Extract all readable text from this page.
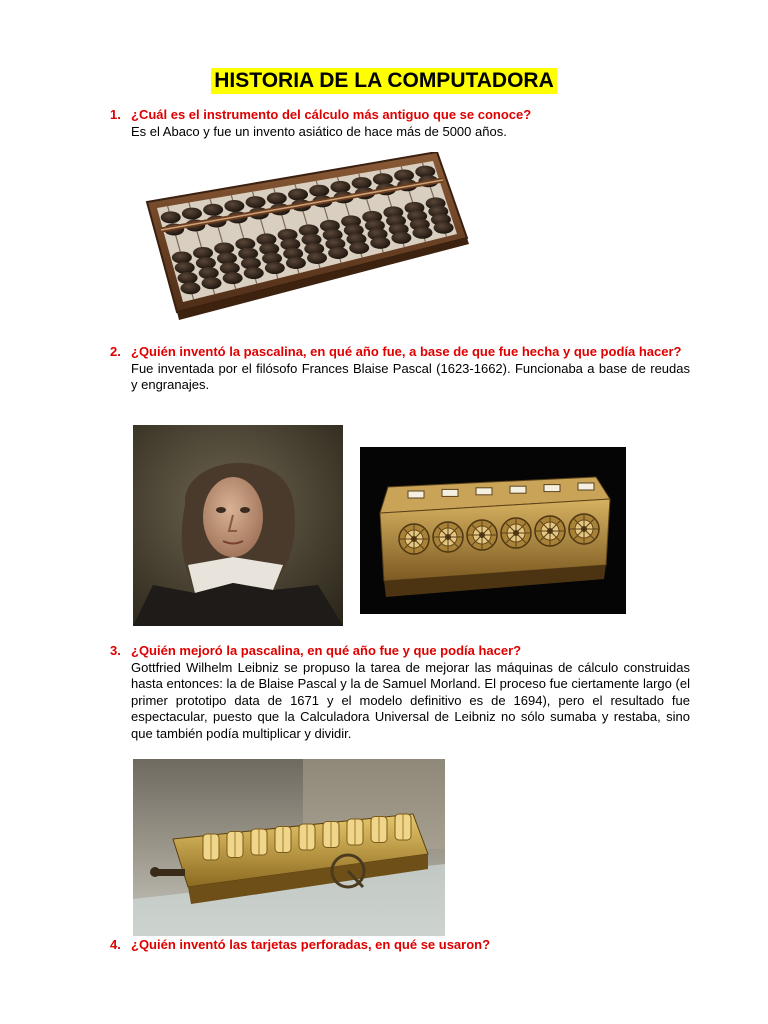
HISTORIA DE LA COMPUTADORA
1. ¿Cuál es el instrumento del cálculo más antiguo que se conoce?
Es el Abaco y fue un invento asiático de hace más de 5000 años.
2. ¿Quién inventó la pascalina, en qué año fue, a base de que fue hecha y que podía hacer?
Fue inventada por el filósofo Frances Blaise Pascal (1623-1662). Funcionaba a base de reudas y engranajes.
3. ¿Quién mejoró la pascalina, en qué año fue y que podía hacer?
Gottfried Wilhelm Leibniz se propuso la tarea de mejorar las máquinas de cálculo construidas hasta entonces: la de Blaise Pascal y la de Samuel Morland. El proceso fue ciertamente largo (el primer prototipo data de 1671 y el modelo definitivo es de 1694), pero el resultado fue espectacular, puesto que la Calculadora Universal de Leibniz no sólo sumaba y restaba, sino que también podía multiplicar y dividir.
4. ¿Quién inventó las tarjetas perforadas, en qué se usaron?
